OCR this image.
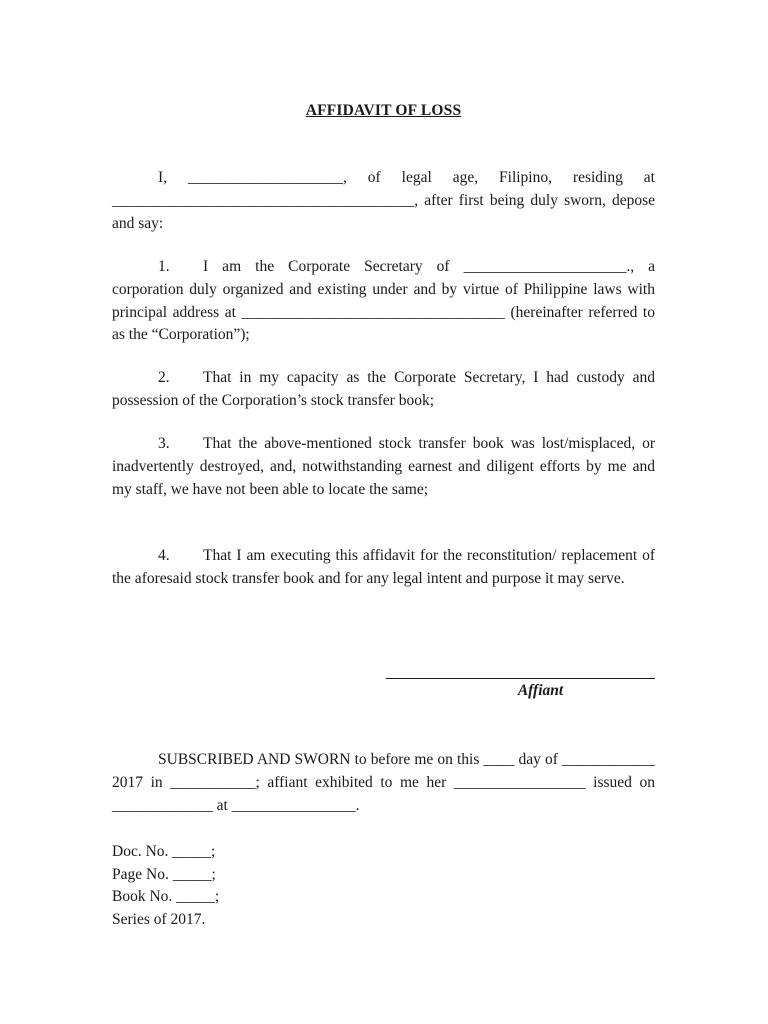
AFFIDAVIT OF LOSS

I, ____________________, of legal age, Filipino, residing at _______________________________________, after first being duly sworn, depose and say:

1. I am the Corporate Secretary of _____________________., a corporation duly organized and existing under and by virtue of Philippine laws with principal address at __________________________________ (hereinafter referred to as the “Corporation”);

2. That in my capacity as the Corporate Secretary, I had custody and possession of the Corporation’s stock transfer book;

3. That the above-mentioned stock transfer book was lost/misplaced, or inadvertently destroyed, and, notwithstanding earnest and diligent efforts by me and my staff, we have not been able to locate the same;

4. That I am executing this affidavit for the reconstitution/ replacement of the aforesaid stock transfer book and for any legal intent and purpose it may serve.

Affiant

SUBSCRIBED AND SWORN to before me on this ____ day of ____________ 2017 in ___________; affiant exhibited to me her _________________ issued on _____________ at ________________.

Doc. No. _____;
Page No. _____;
Book No. _____;
Series of 2017.
